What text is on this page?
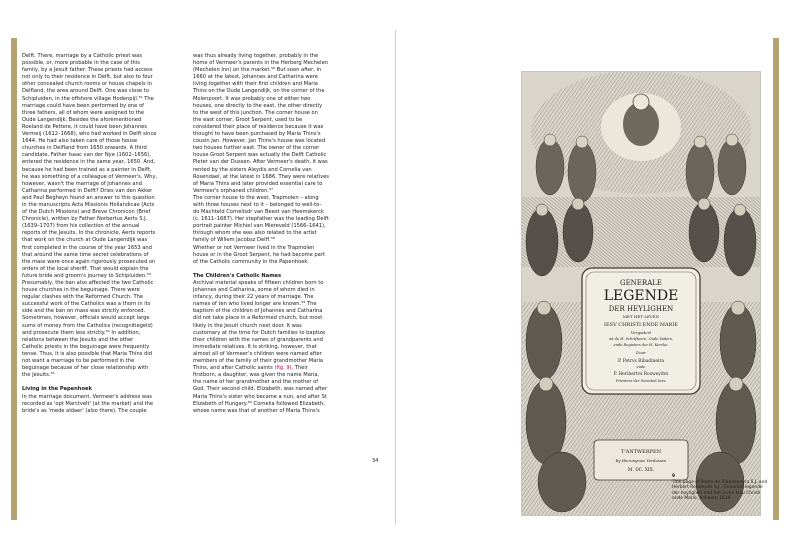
Delft. There, marriage by a Catholic priest was
possible, or, more probable in the case of this
family, by a Jesuit father. These priests had access
not only to their residence in Delft, but also to four
other concealed church rooms or house chapels in
Delfland, the area around Delft. One was close to
Schipluiden, in the offshore village Hodenpijl.⁵² The
marriage could have been performed by one of
three fathers, all of whom were assigned to the
Oude Langendijk. Besides the aforementioned
Roeland de Pettere, it could have been Johannes
Vermeij (1612–1668), who had worked in Delft since
1644. He had also taken care of those house
churches in Delfland from 1650 onwards. A third
candidate, Father Isaac van der Nye (1602–1656),
entered the residence in the same year, 1650. And,
because he had been trained as a painter in Delft,
he was something of a colleague of Vermeer's. Why,
however, wasn't the marriage of Johannes and
Catharina performed in Delft? Dries van den Akker
and Paul Begheyn found an answer to this question
in the manuscripts Acta Missionis Hollandicae (Acts
of the Dutch Missions) and Breve Chronicon (Brief
Chronicle), written by Father Norbertus Aerts S.J.
(1639–1707) from his collection of the annual
reports of the Jesuits. In the chronicle, Aerts reports
that work on the church at Oude Langendijk was
first completed in the course of the year 1653 and
that around the same time secret celebrations of
the mass were once again rigorously prosecuted on
orders of the local sheriff. That would explain the
future bride and groom's journey to Schipluiden.⁵³
Presumably, the ban also affected the two Catholic
house churches in the beguinage. There were
regular clashes with the Reformed Church. The
successful work of the Catholics was a thorn in its
side and the ban on mass was strictly enforced.
Sometimes, however, officials would accept large
sums of money from the Catholics (recognitiegeld)
and prosecute them less strictly.⁵⁴ In addition,
relations between the Jesuits and the other
Catholic priests in the beguinage were frequently
tense. Thus, it is also possible that Maria Thins did
not want a marriage to be performed in the
beguinage because of her close relationship with
the Jesuits.⁵⁵

Living in the Papenhoek

In the marriage document, Vermeer's address was
recorded as 'opt Marctvelt' (at the market) and the
bride's as 'mede aldaer' (also there). The couple

was thus already living together, probably in the
home of Vermeer's parents in the Herberg Mechelen
(Mechelen Inn) on the market.⁵⁶ But soon after, in
1660 at the latest, Johannes and Catharina were
living together with their first children and Maria
Thins on the Oude Langendijk, on the corner of the
Molenpoort. It was probably one of either two
houses, one directly to the east, the other directly
to the west of this junction. The corner house on
the east corner, Groot Serpent, used to be
considered their place of residence because it was
thought to have been purchased by Maria Thins's
cousin Jan. However, Jan Thins's house was located
two houses further east. The owner of the corner
house Groot Serpent was actually the Delft Catholic
Pieter van der Dussen. After Vermeer's death, it was
rented by the sisters Aleydis and Cornelia van
Rosendael, at the latest in 1686. They were relatives
of Maria Thins and later provided essential care to
Vermeer's orphaned children.⁵⁷
The corner house to the west, Trapmolen – along
with three houses next to it – belonged to well-to-
do Machteld Cornelisdr van Beest van Heemskerck
(c. 1611–1687). Her stepfather was the leading Delft
portrait painter Michiel van Miereveld (1566–1641),
through whom she was also related to the artist
family of Willem Jacobsz Delff.⁵⁸
Whether or not Vermeer lived in the Trapmolen
house or in the Groot Serpent, he had become part
of the Catholic community in the Papenhoek.

The Children's Catholic Names

Archival material speaks of fifteen children born to
Johannes and Catharina, some of whom died in
infancy, during their 22 years of marriage. The
names of ten who lived longer are known.⁵⁹ The
baptism of the children of Johannes and Catharina
did not take place in a Reformed church, but most
likely in the Jesuit church next door. It was
customary at the time for Dutch families to baptize
their children with the names of grandparents and
immediate relatives. It is striking, however, that
almost all of Vermeer's children were named after
members of the family of their grandmother Maria
Thins, and after Catholic saints (fig. 9). Their
firstborn, a daughter, was given the name Maria,
the name of her grandmother and the mother of
God. Their second child, Elizabeth, was named after
Maria Thins's sister who became a nun, and after St
Elizabeth of Hungary.⁶⁰ Cornelia followed Elizabeth,
whose name was that of another of Maria Thins's

34
GENERALE
LEGENDE
DER HEYLIGHEN
MET HET LEVEN
IESV CHRISTI ENDE MARIE
Vergadert
wt de H. Schriftuere, Oude Vaders,
ende Registers der H. Kercke.
Door
P. Petrvs Ribadineira
ende
P. Heribertvs Rosweydvs
Priesters der Societeit Iesv.
T'ANTWERPEN
By Hieronymus Verdussen
M. DC. XIX.
9
Title page of Pedro de Ribadeneyra S.J. and Herbert Rosweyde S.J., Generale legende der heylighen met het leven Iesu Christi ende Marie, Antwerp 1619
